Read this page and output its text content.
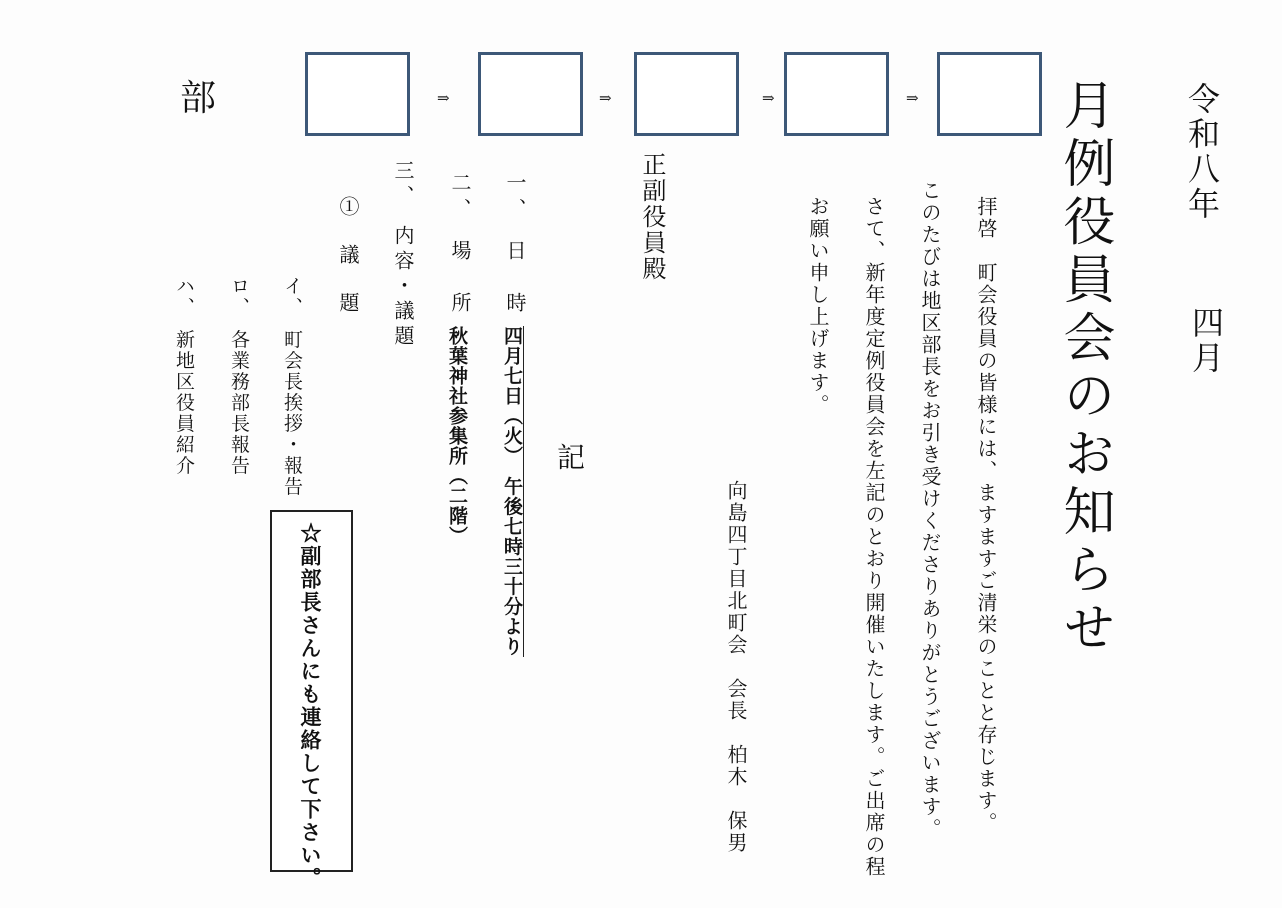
令和八年
四月
月例役員会のお知らせ
拝啓　町会役員の皆様には、ますますご清栄のことと存じます。
このたびは地区部長をお引き受けくださりありがとうございます。
さて、新年度定例役員会を左記のとおり開催いたします。ご出席の程
お願い申し上げます。
向島四丁目北町会　会長　柏木　保男
部	⇒	⇒	⇒	⇒
正副役員殿
記
一、　日　時
四月七日（火）　午後七時三十分より
二、　場　所
秋葉神社参集所（二階）
三、　内容・議題
①　議　題
イ、　町会長挨拶・報告
ロ、　各業務部長報告
ハ、　新地区役員紹介
☆副部長さんにも連絡して下さい。
